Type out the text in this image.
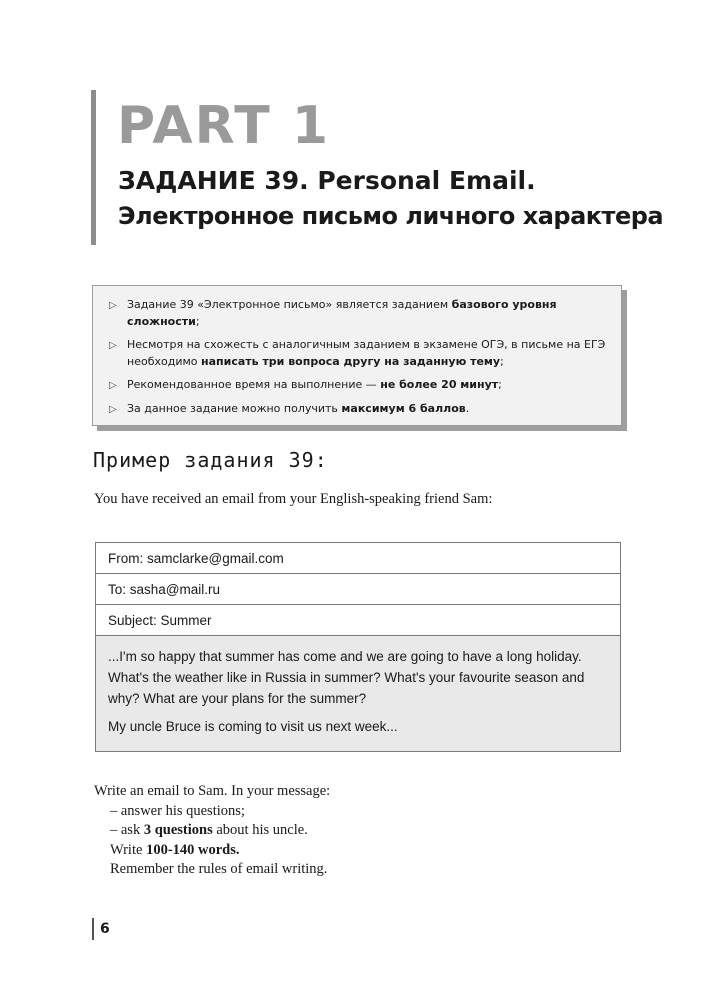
PART 1
ЗАДАНИЕ 39. Personal Email.
Электронное письмо личного характера
▷ Задание 39 «Электронное письмо» является заданием базового уровня сложности;
▷ Несмотря на схожесть с аналогичным заданием в экзамене ОГЭ, в письме на ЕГЭ необходимо написать три вопроса другу на заданную тему;
▷ Рекомендованное время на выполнение — не более 20 минут;
▷ За данное задание можно получить максимум 6 баллов.
Пример задания 39:
You have received an email from your English-speaking friend Sam:
From: samclarke@gmail.com
To: sasha@mail.ru
Subject: Summer

...I'm so happy that summer has come and we are going to have a long holiday. What's the weather like in Russia in summer? What's your favourite season and why? What are your plans for the summer?

My uncle Bruce is coming to visit us next week...

Write an email to Sam. In your message:
– answer his questions;
– ask 3 questions about his uncle.
Write 100-140 words.
Remember the rules of email writing.
6
